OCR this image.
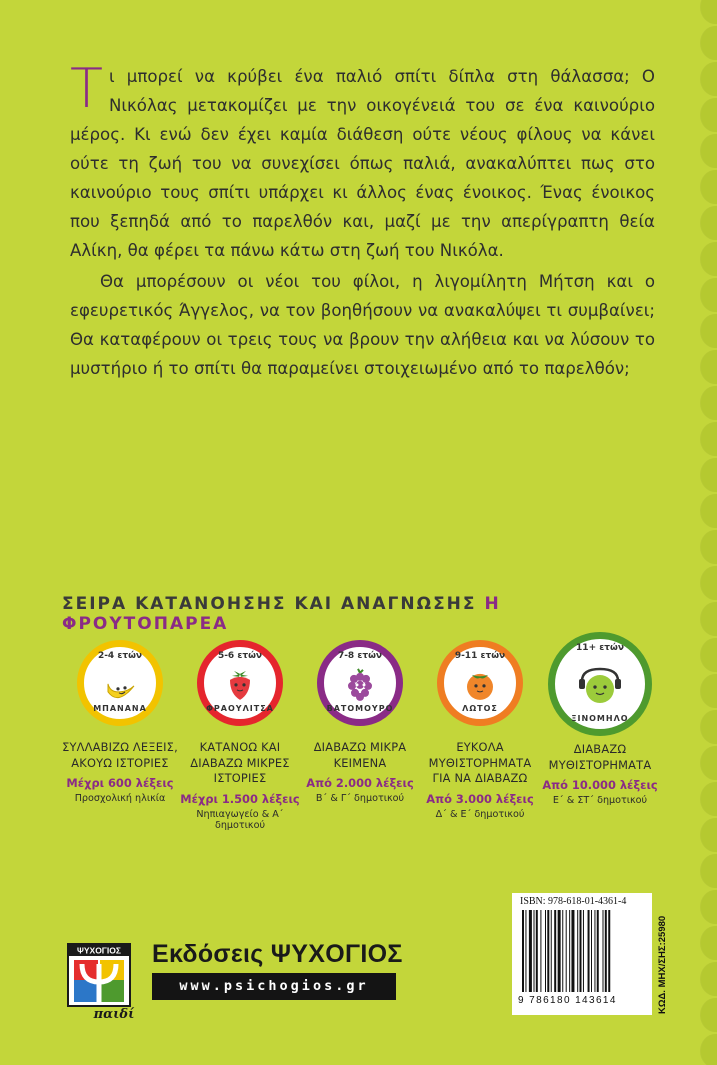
Τι μπορεί να κρύβει ένα παλιό σπίτι δίπλα στη θάλασσα; Ο Νικόλας μετακομίζει με την οικογένειά του σε ένα καινούριο μέρος. Κι ενώ δεν έχει καμία διάθεση ούτε νέους φίλους να κάνει ούτε τη ζωή του να συνεχίσει όπως παλιά, ανακαλύπτει πως στο καινούριο τους σπίτι υπάρχει κι άλλος ένας ένοικος. Ένας ένοικος που ξεπηδά από το παρελθόν και, μαζί με την απερίγραπτη θεία Αλίκη, θα φέρει τα πάνω κάτω στη ζωή του Νικόλα.

Θα μπορέσουν οι νέοι του φίλοι, η λιγομίλητη Μήτση και ο εφευρετικός Άγγελος, να τον βοηθήσουν να ανακαλύψει τι συμβαίνει; Θα καταφέρουν οι τρεις τους να βρουν την αλήθεια και να λύσουν το μυστήριο ή το σπίτι θα παραμείνει στοιχειωμένο από το παρελθόν;

ΣΕΙΡΑ ΚΑΤΑΝΟΗΣΗΣ ΚΑΙ ΑΝΑΓΝΩΣΗΣ Η ΦΡΟΥΤΟΠΑΡΕΑ
2-4 ετών
ΜΠΑΝΑΝΑ
ΣΥΛΛΑΒΙΖΩ ΛΕΞΕΙΣ, ΑΚΟΥΩ ΙΣΤΟΡΙΕΣ
Μέχρι 600 λέξεις
Προσχολική ηλικία
5-6 ετών
ΦΡΑΟΥΛΙΤΣΑ
ΚΑΤΑΝΟΩ ΚΑΙ ΔΙΑΒΑΖΩ ΜΙΚΡΕΣ ΙΣΤΟΡΙΕΣ
Μέχρι 1.500 λέξεις
Νηπιαγωγείο & Α΄ δημοτικού
7-8 ετών
ΒΑΤΟΜΟΥΡΟ
ΔΙΑΒΑΖΩ ΜΙΚΡΑ ΚΕΙΜΕΝΑ
Από 2.000 λέξεις
Β΄ & Γ΄ δημοτικού
9-11 ετών
ΛΩΤΟΣ
ΕΥΚΟΛΑ ΜΥΘΙΣΤΟΡΗΜΑΤΑ ΓΙΑ ΝΑ ΔΙΑΒΑΖΩ
Από 3.000 λέξεις
Δ΄ & Ε΄ δημοτικού
11+ ετών
ΞΙΝΟΜΗΛΟ
ΔΙΑΒΑΖΩ ΜΥΘΙΣΤΟΡΗΜΑΤΑ
Από 10.000 λέξεις
Ε΄ & ΣΤ΄ δημοτικού
ISBN: 978-618-01-4361-4
9 786180 143614	ΚΩΔ. ΜΗΧ/ΣΗΣ:25980
ΨΥΧΟΓΙΟΣ
παιδί
Εκδόσεις ΨΥΧΟΓΙΟΣ
www.psichogios.gr
